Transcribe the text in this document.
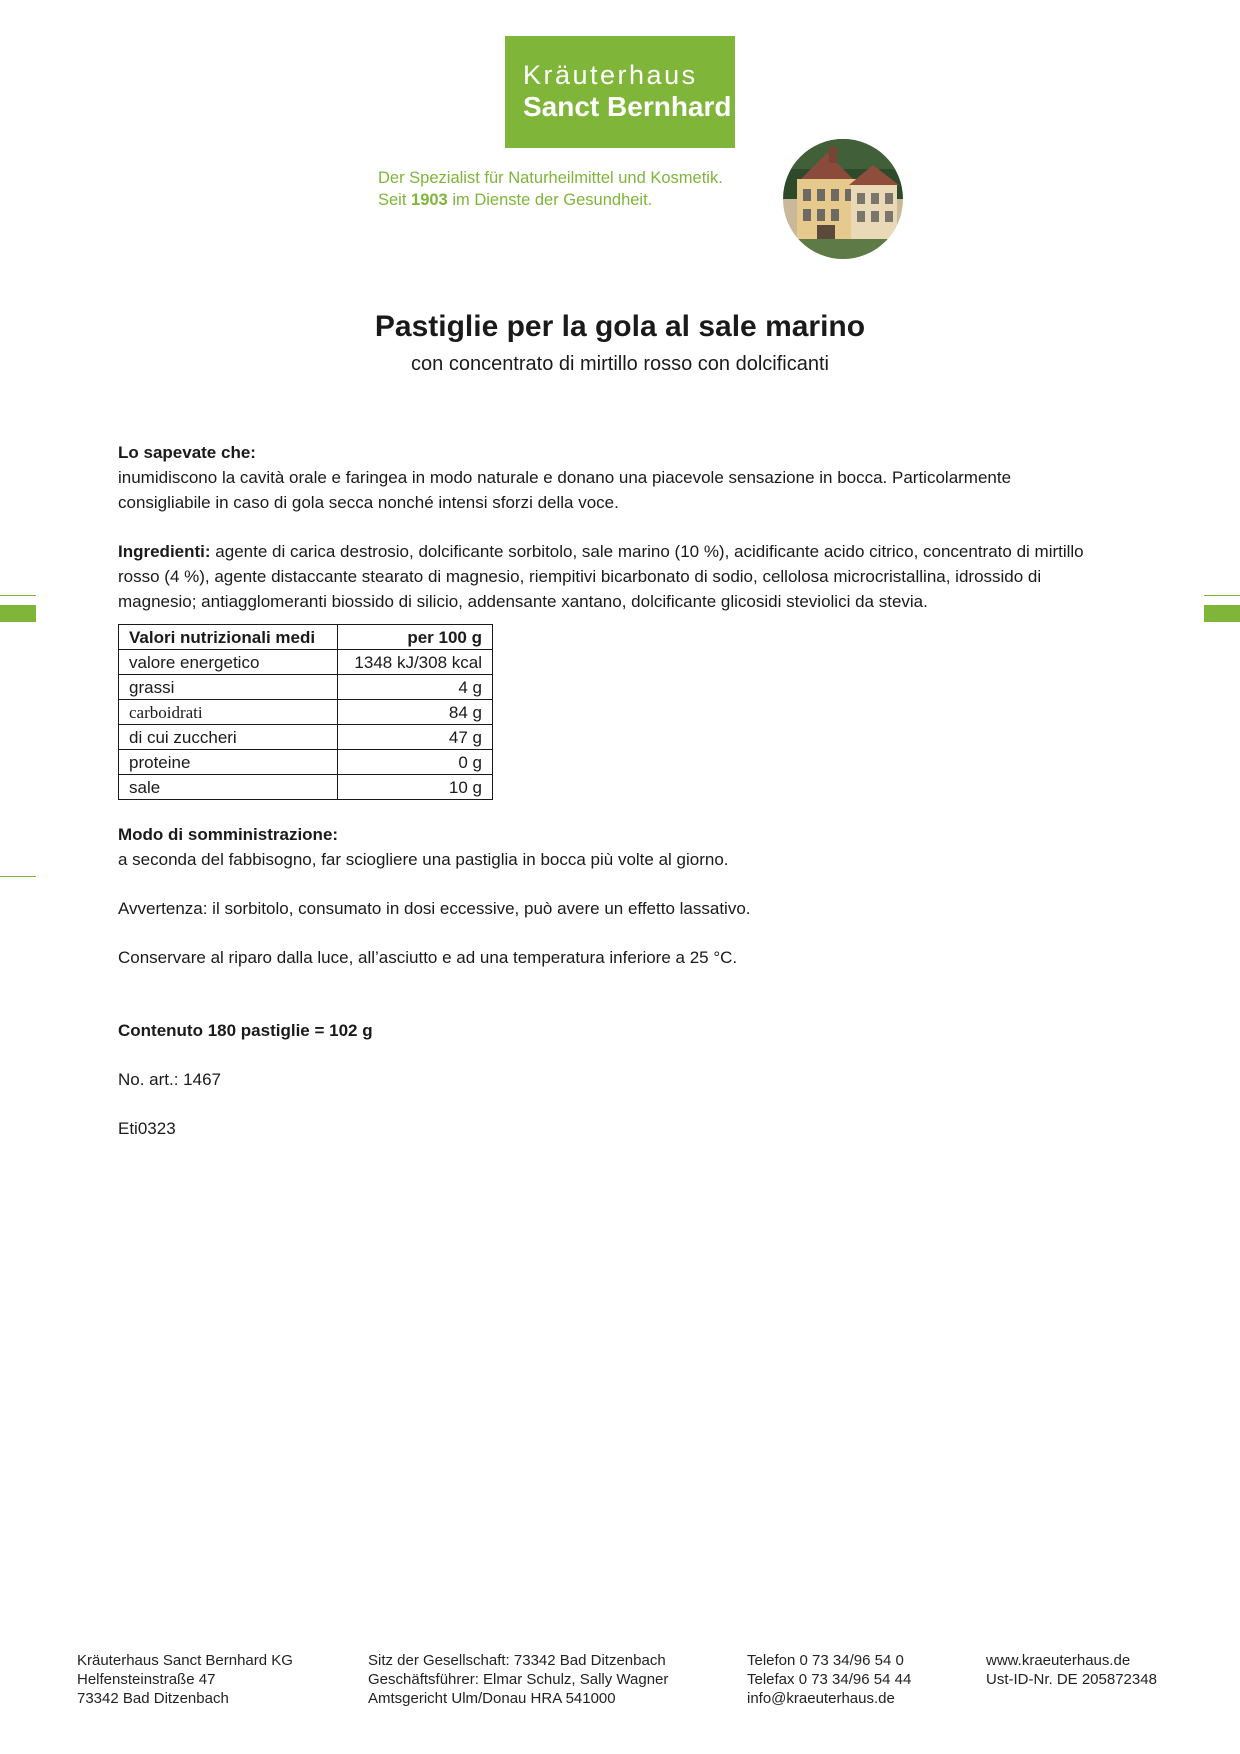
Kräuterhaus
Sanct Bernhard
Der Spezialist für Naturheilmittel und Kosmetik.
Seit 1903 im Dienste der Gesundheit.
Pastiglie per la gola al sale marino
con concentrato di mirtillo rosso con dolcificanti

Lo sapevate che:

inumidiscono la cavità orale e faringea in modo naturale e donano una piacevole sensazione in bocca. Particolarmente consigliabile in caso di gola secca nonché intensi sforzi della voce.

Ingredienti: agente di carica destrosio, dolcificante sorbitolo, sale marino (10 %), acidificante acido citrico, concentrato di mirtillo rosso (4 %), agente distaccante stearato di magnesio, riempitivi bicarbonato di sodio, cellolosa microcristallina, idrossido di magnesio; antiagglomeranti biossido di silicio, addensante xantano, dolcificante glicosidi steviolici da stevia.

Valori nutrizionali medi	per 100 g
valore energetico	1348 kJ/308 kcal
grassi	4 g
carboidrati	84 g
di cui zuccheri	47 g
proteine	0 g
sale	10 g

Modo di somministrazione:

a seconda del fabbisogno, far sciogliere una pastiglia in bocca più volte al giorno.

Avvertenza: il sorbitolo, consumato in dosi eccessive, può avere un effetto lassativo.

Conservare al riparo dalla luce, all’asciutto e ad una temperatura inferiore a 25 °C.

Contenuto 180 pastiglie = 102 g

No. art.: 1467

Eti0323

Kräuterhaus Sanct Bernhard KG
Helfensteinstraße 47
73342 Bad Ditzenbach
Sitz der Gesellschaft: 73342 Bad Ditzenbach
Geschäftsführer: Elmar Schulz, Sally Wagner
Amtsgericht Ulm/Donau HRA 541000
Telefon 0 73 34/96 54 0
Telefax 0 73 34/96 54 44
info@kraeuterhaus.de
www.kraeuterhaus.de
Ust-ID-Nr. DE 205872348
